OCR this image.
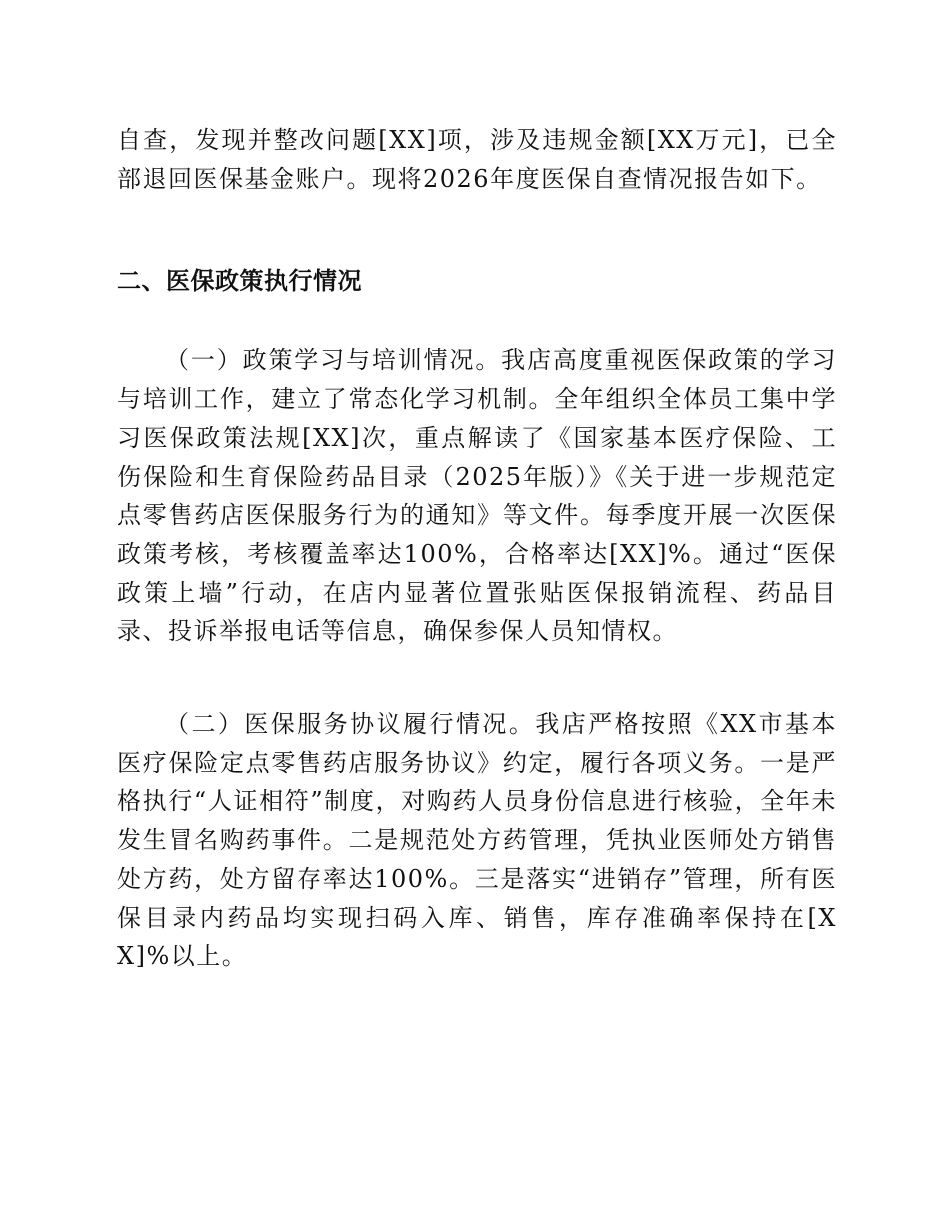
自查，发现并整改问题[XX]项，涉及违规金额[XX万元]，已全部退回医保基金账户。现将2026年度医保自查情况报告如下。

二、医保政策执行情况

（一）政策学习与培训情况。我店高度重视医保政策的学习与培训工作，建立了常态化学习机制。全年组织全体员工集中学习医保政策法规[XX]次，重点解读了《国家基本医疗保险、工伤保险和生育保险药品目录（2025年版）》《关于进一步规范定点零售药店医保服务行为的通知》等文件。每季度开展一次医保政策考核，考核覆盖率达100%，合格率达[XX]%。通过“医保政策上墙”行动，在店内显著位置张贴医保报销流程、药品目录、投诉举报电话等信息，确保参保人员知情权。

（二）医保服务协议履行情况。我店严格按照《XX市基本医疗保险定点零售药店服务协议》约定，履行各项义务。一是严格执行“人证相符”制度，对购药人员身份信息进行核验，全年未发生冒名购药事件。二是规范处方药管理，凭执业医师处方销售处方药，处方留存率达100%。三是落实“进销存”管理，所有医保目录内药品均实现扫码入库、销售，库存准确率保持在[XX]%以上。
